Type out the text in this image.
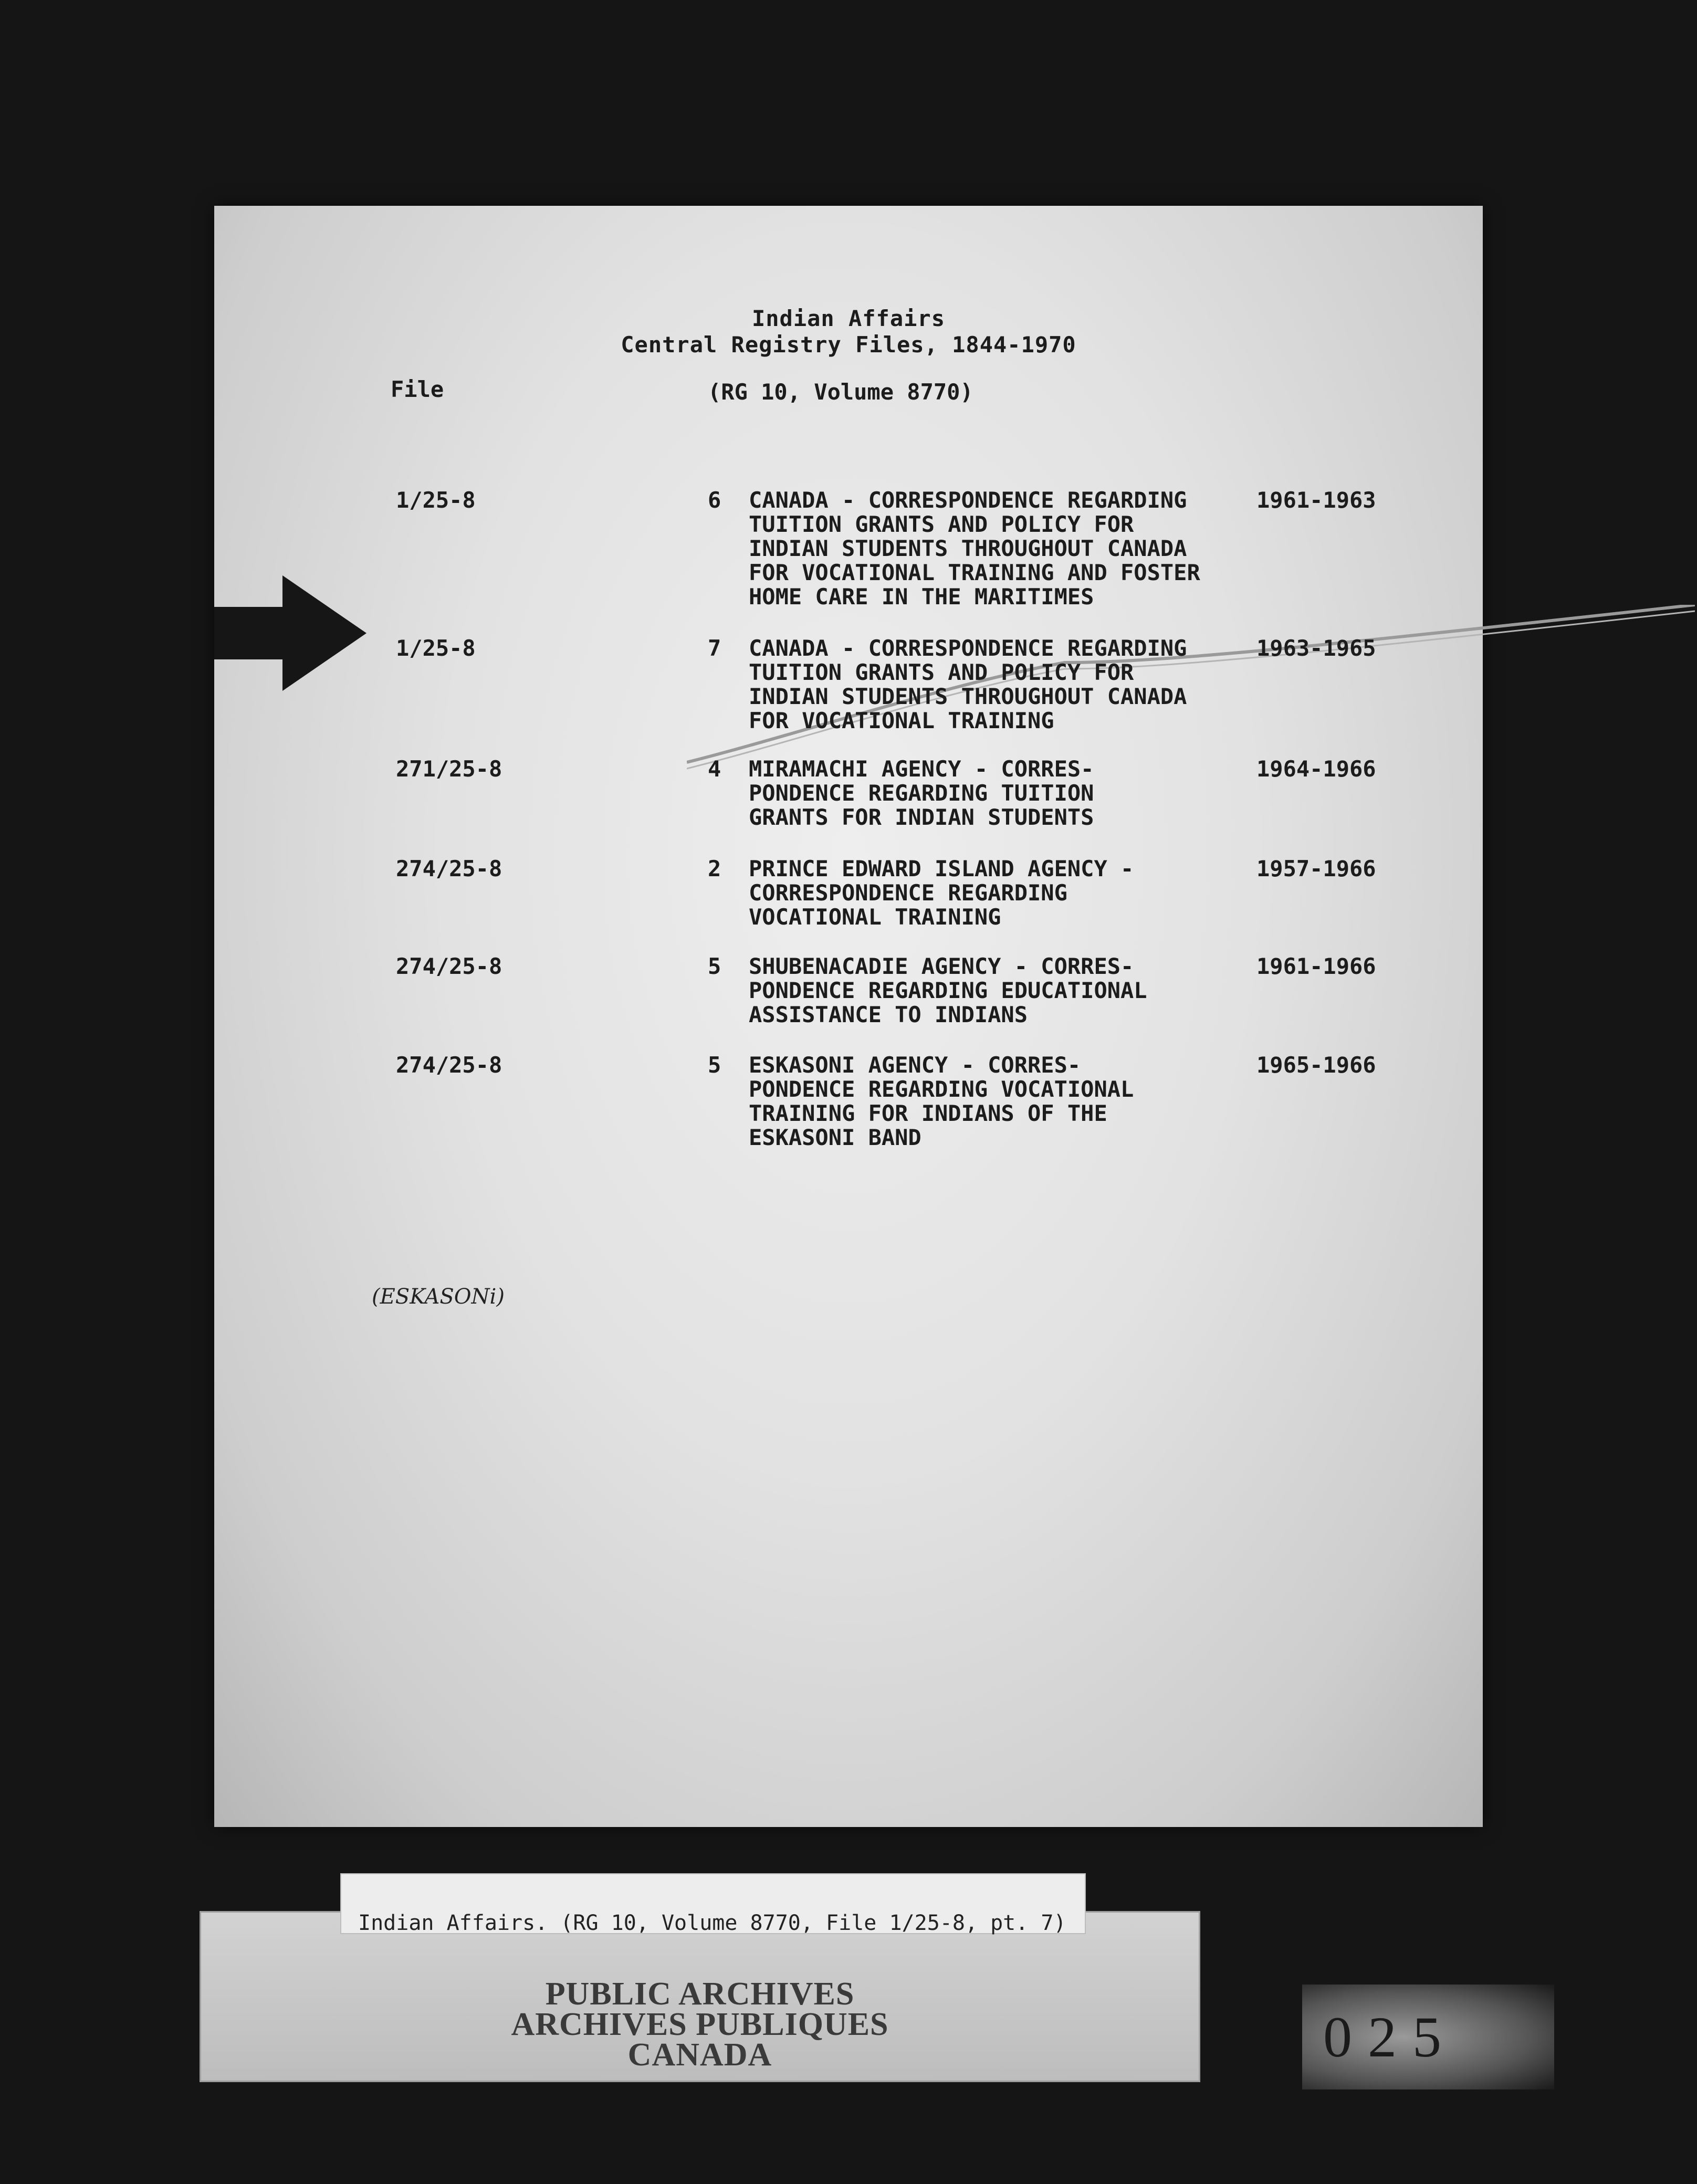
Indian Affairs
Central Registry Files, 1844-1970
File	(RG 10, Volume 8770)
1/25-8	6 CANADA - CORRESPONDENCE REGARDING
TUITION GRANTS AND POLICY FOR
INDIAN STUDENTS THROUGHOUT CANADA
FOR VOCATIONAL TRAINING AND FOSTER
HOME CARE IN THE MARITIMES
1961-1963
1/25-8	7 CANADA - CORRESPONDENCE REGARDING
TUITION GRANTS AND POLICY FOR
INDIAN STUDENTS THROUGHOUT CANADA
FOR VOCATIONAL TRAINING
1963-1965
271/25-8	4 MIRAMACHI AGENCY - CORRES-
PONDENCE REGARDING TUITION
GRANTS FOR INDIAN STUDENTS
1964-1966
274/25-8	2 PRINCE EDWARD ISLAND AGENCY -
CORRESPONDENCE REGARDING
VOCATIONAL TRAINING
1957-1966
274/25-8	5 SHUBENACADIE AGENCY - CORRES-
PONDENCE REGARDING EDUCATIONAL
ASSISTANCE TO INDIANS
1961-1966
274/25-8	5 ESKASONI AGENCY - CORRES-
PONDENCE REGARDING VOCATIONAL
TRAINING FOR INDIANS OF THE
ESKASONI BAND
1965-1966
(ESKASONi)
PUBLIC ARCHIVES
ARCHIVES PUBLIQUES
CANADA
Indian Affairs. (RG 10, Volume 8770, File 1/25-8, pt. 7)
025
